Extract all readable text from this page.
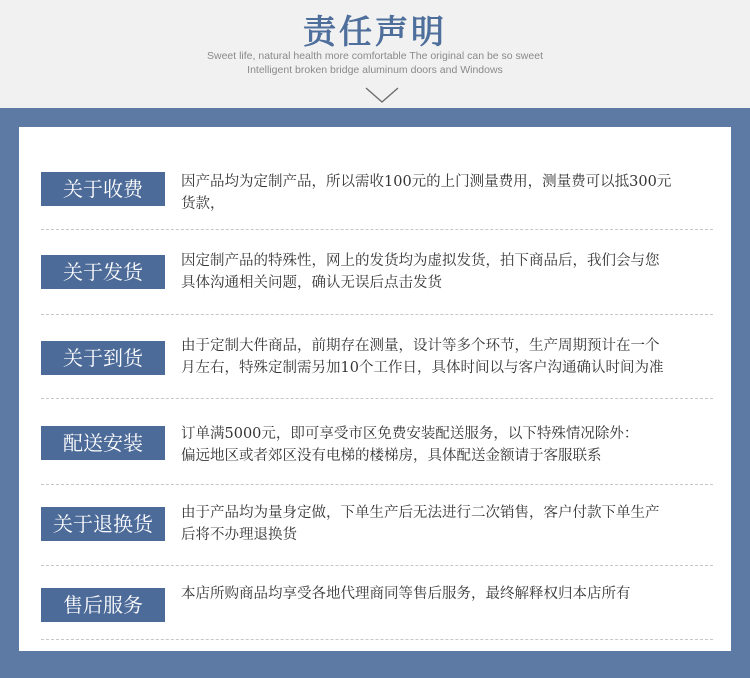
责任声明
Sweet life, natural health more comfortable The original can be so sweet
Intelligent broken bridge aluminum doors and Windows
关于收费	因产品均为定制产品，所以需收100元的上门测量费用，测量费可以抵300元
货款，
关于发货	因定制产品的特殊性，网上的发货均为虚拟发货，拍下商品后，我们会与您
具体沟通相关问题，确认无误后点击发货
关于到货	由于定制大件商品，前期存在测量，设计等多个环节，生产周期预计在一个
月左右，特殊定制需另加10个工作日，具体时间以与客户沟通确认时间为准
配送安装	订单满5000元，即可享受市区免费安装配送服务，以下特殊情况除外：
偏远地区或者郊区没有电梯的楼梯房，具体配送金额请于客服联系
关于退换货	由于产品均为量身定做，下单生产后无法进行二次销售，客户付款下单生产
后将不办理退换货
售后服务	本店所购商品均享受各地代理商同等售后服务，最终解释权归本店所有
